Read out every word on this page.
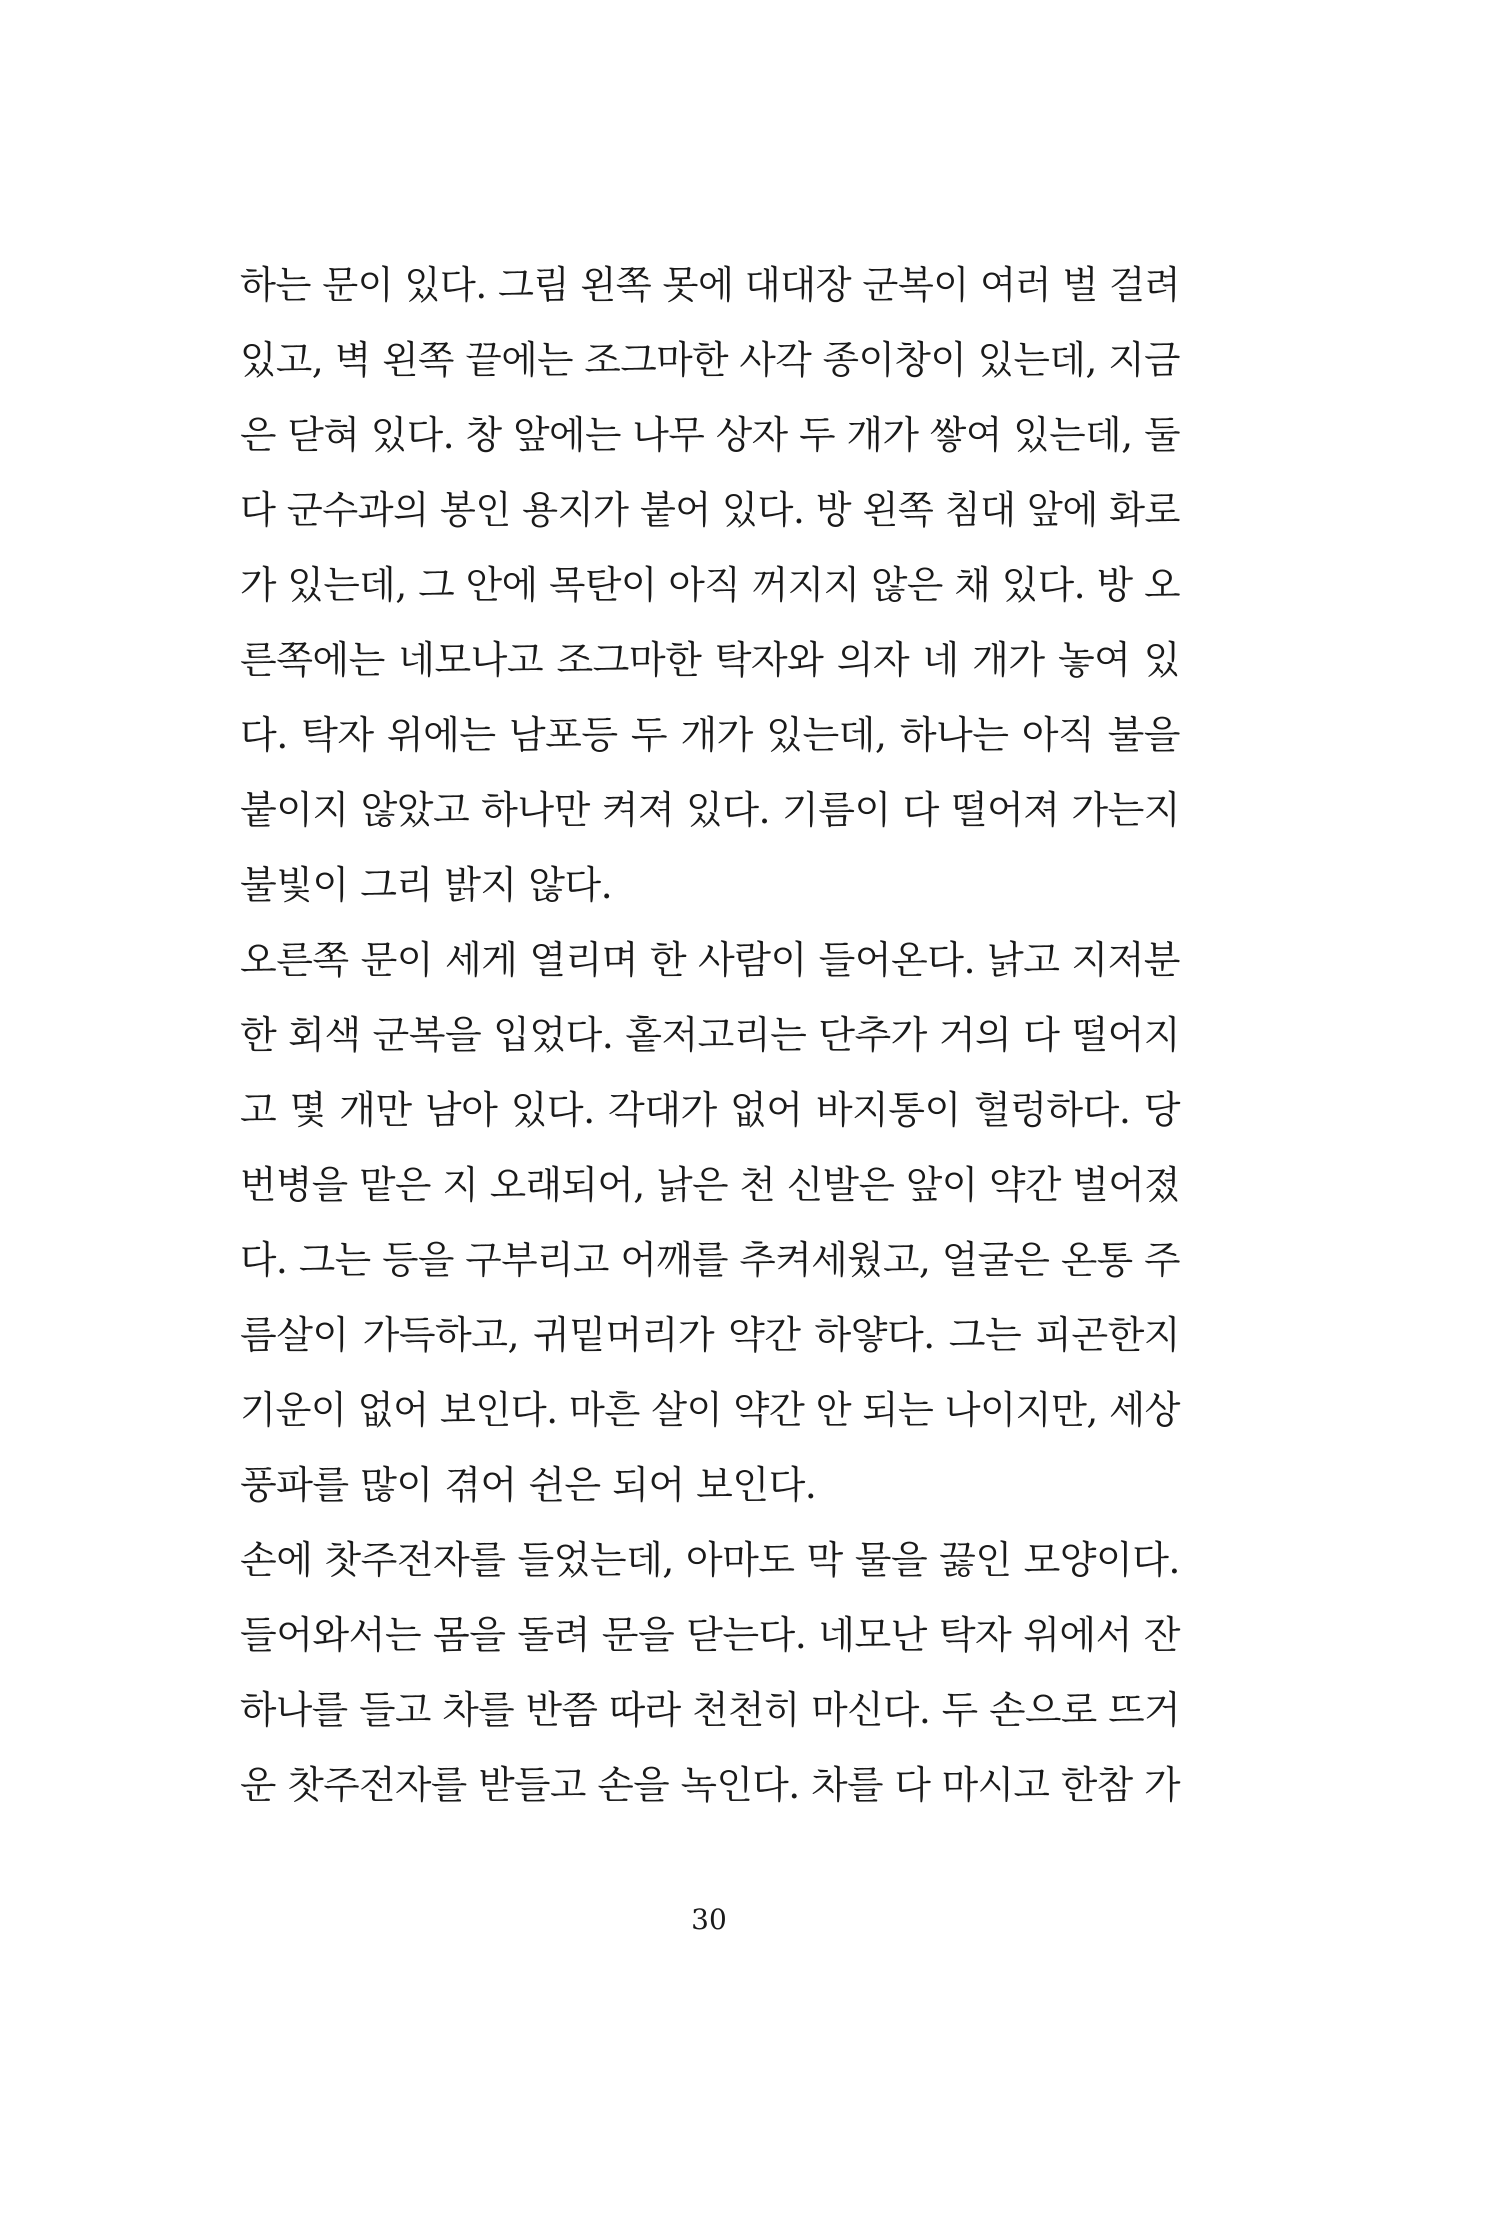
하는 문이 있다. 그림 왼쪽 못에 대대장 군복이 여러 벌 걸려
있고, 벽 왼쪽 끝에는 조그마한 사각 종이창이 있는데, 지금
은 닫혀 있다. 창 앞에는 나무 상자 두 개가 쌓여 있는데, 둘
다 군수과의 봉인 용지가 붙어 있다. 방 왼쪽 침대 앞에 화로
가 있는데, 그 안에 목탄이 아직 꺼지지 않은 채 있다. 방 오
른쪽에는 네모나고 조그마한 탁자와 의자 네 개가 놓여 있
다. 탁자 위에는 남포등 두 개가 있는데, 하나는 아직 불을
붙이지 않았고 하나만 켜져 있다. 기름이 다 떨어져 가는지
불빛이 그리 밝지 않다.
오른쪽 문이 세게 열리며 한 사람이 들어온다. 낡고 지저분
한 회색 군복을 입었다. 홑저고리는 단추가 거의 다 떨어지
고 몇 개만 남아 있다. 각대가 없어 바지통이 헐렁하다. 당
번병을 맡은 지 오래되어, 낡은 천 신발은 앞이 약간 벌어졌
다. 그는 등을 구부리고 어깨를 추켜세웠고, 얼굴은 온통 주
름살이 가득하고, 귀밑머리가 약간 하얗다. 그는 피곤한지
기운이 없어 보인다. 마흔 살이 약간 안 되는 나이지만, 세상
풍파를 많이 겪어 쉰은 되어 보인다.
손에 찻주전자를 들었는데, 아마도 막 물을 끓인 모양이다.
들어와서는 몸을 돌려 문을 닫는다. 네모난 탁자 위에서 잔
하나를 들고 차를 반쯤 따라 천천히 마신다. 두 손으로 뜨거
운 찻주전자를 받들고 손을 녹인다. 차를 다 마시고 한참 가
30
